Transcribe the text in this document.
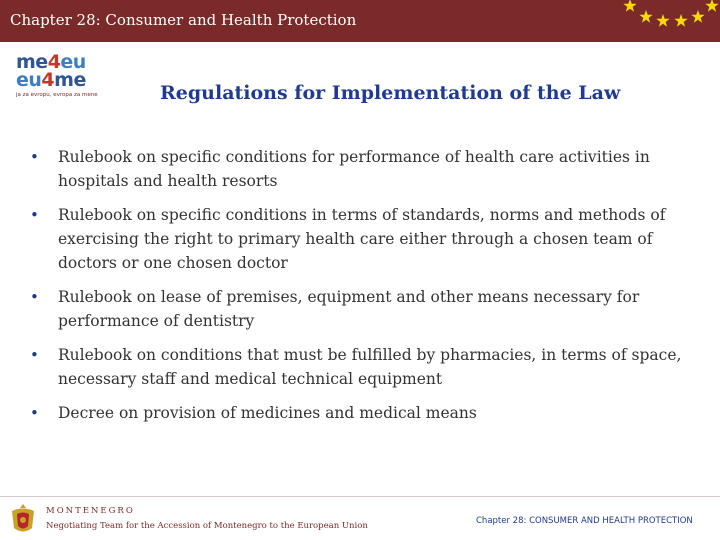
Chapter 28: Consumer and Health Protection
me4eu
eu4me
ja za evropu, evropa za mene	Regulations for Implementation of the Law
• Rulebook on specific conditions for performance of health care activities in hospitals and health resorts
• Rulebook on specific conditions in terms of standards, norms and methods of exercising the right to primary health care either through a chosen team of doctors or one chosen doctor
• Rulebook on lease of premises, equipment and other means necessary for performance of dentistry
• Rulebook on conditions that must be fulfilled by pharmacies, in terms of space, necessary staff and medical technical equipment
• Decree on provision of medicines and medical means
MONTENEGRO
Negotiating Team for the Accession of Montenegro to the European Union	Chapter 28: CONSUMER AND HEALTH PROTECTION
